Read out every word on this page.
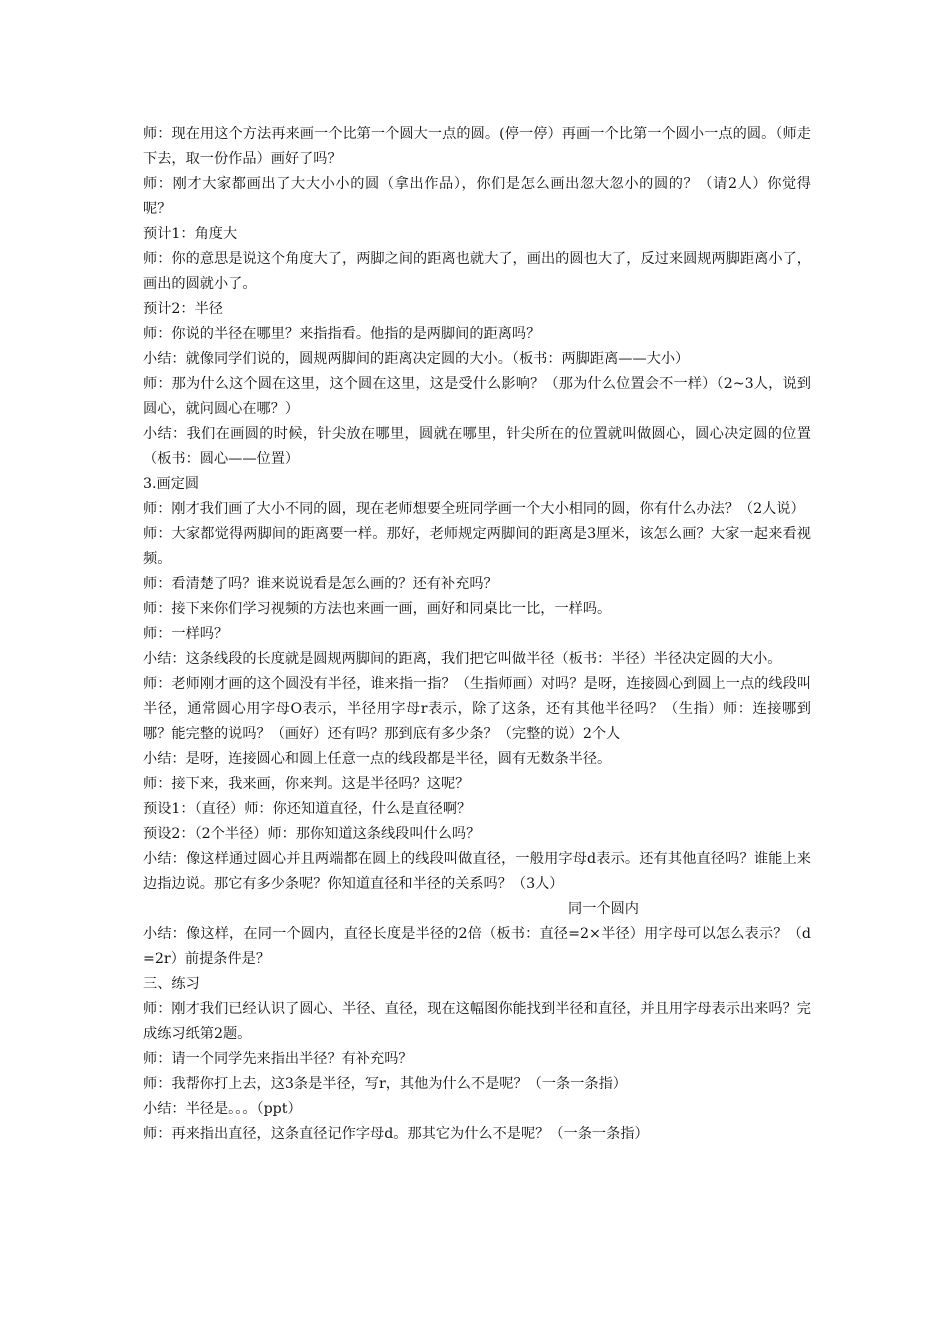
师：现在用这个方法再来画一个比第一个圆大一点的圆。(停一停）再画一个比第一个圆小一点的圆。（师走下去，取一份作品）画好了吗？

师：刚才大家都画出了大大小小的圆（拿出作品），你们是怎么画出忽大忽小的圆的？（请2人）你觉得呢？

预计1：角度大

师：你的意思是说这个角度大了，两脚之间的距离也就大了，画出的圆也大了，反过来圆规两脚距离小了，画出的圆就小了。

预计2：半径

师：你说的半径在哪里？来指指看。他指的是两脚间的距离吗？

小结：就像同学们说的，圆规两脚间的距离决定圆的大小。（板书：两脚距离——大小）

师：那为什么这个圆在这里，这个圆在这里，这是受什么影响？（那为什么位置会不一样）（2~3人，说到圆心，就问圆心在哪？）

小结：我们在画圆的时候，针尖放在哪里，圆就在哪里，针尖所在的位置就叫做圆心，圆心决定圆的位置（板书：圆心——位置）

3.画定圆

师：刚才我们画了大小不同的圆，现在老师想要全班同学画一个大小相同的圆，你有什么办法？（2人说）

师：大家都觉得两脚间的距离要一样。那好，老师规定两脚间的距离是3厘米，该怎么画？大家一起来看视频。

师：看清楚了吗？谁来说说看是怎么画的？还有补充吗？

师：接下来你们学习视频的方法也来画一画，画好和同桌比一比，一样吗。

师：一样吗？

小结：这条线段的长度就是圆规两脚间的距离，我们把它叫做半径（板书：半径）半径决定圆的大小。

师：老师刚才画的这个圆没有半径，谁来指一指？（生指师画）对吗？是呀，连接圆心到圆上一点的线段叫半径，通常圆心用字母O表示，半径用字母r表示，除了这条，还有其他半径吗？（生指）师：连接哪到哪？能完整的说吗？（画好）还有吗？那到底有多少条？（完整的说）2个人

小结：是呀，连接圆心和圆上任意一点的线段都是半径，圆有无数条半径。

师：接下来，我来画，你来判。这是半径吗？这呢？

预设1：（直径）师：你还知道直径，什么是直径啊？

预设2：（2个半径）师：那你知道这条线段叫什么吗？

小结：像这样通过圆心并且两端都在圆上的线段叫做直径，一般用字母d表示。还有其他直径吗？谁能上来边指边说。那它有多少条呢？你知道直径和半径的关系吗？（3人）

同一个圆内

小结：像这样，在同一个圆内，直径长度是半径的2倍（板书：直径=2×半径）用字母可以怎么表示？（d=2r）前提条件是？

三、练习

师：刚才我们已经认识了圆心、半径、直径，现在这幅图你能找到半径和直径，并且用字母表示出来吗？完成练习纸第2题。

师：请一个同学先来指出半径？有补充吗？

师：我帮你打上去，这3条是半径，写r，其他为什么不是呢？（一条一条指）

小结：半径是。。。（ppt）

师：再来指出直径，这条直径记作字母d。那其它为什么不是呢？（一条一条指）
